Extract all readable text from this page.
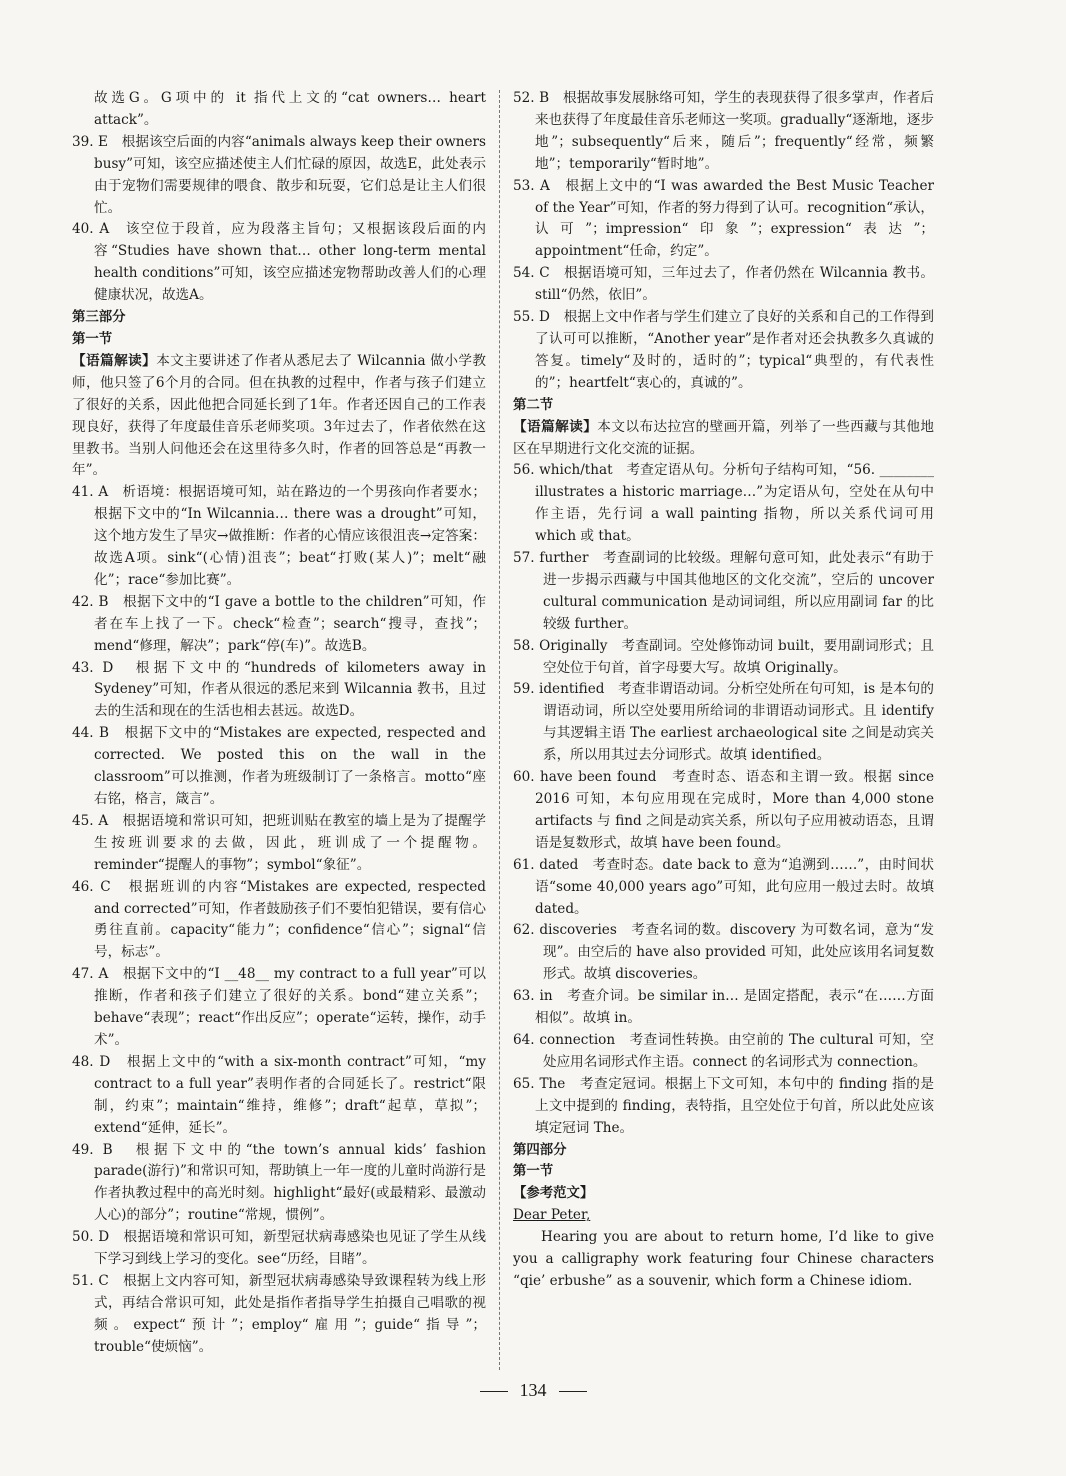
故选G。G项中的 it 指代上文的“cat owners… heart attack”。

39. E　根据该空后面的内容“animals always keep their owners busy”可知，该空应描述使主人们忙碌的原因，故选E，此处表示由于宠物们需要规律的喂食、散步和玩耍，它们总是让主人们很忙。

40. A　该空位于段首，应为段落主旨句；又根据该段后面的内容“Studies have shown that… other long-term mental health conditions”可知，该空应描述宠物帮助改善人们的心理健康状况，故选A。

第三部分

第一节

【语篇解读】本文主要讲述了作者从悉尼去了 Wilcannia 做小学教师，他只签了6个月的合同。但在执教的过程中，作者与孩子们建立了很好的关系，因此他把合同延长到了1年。作者还因自己的工作表现良好，获得了年度最佳音乐老师奖项。3年过去了，作者依然在这里教书。当别人问他还会在这里待多久时，作者的回答总是“再教一年”。

41. A　析语境：根据语境可知，站在路边的一个男孩向作者要水；根据下文中的“In Wilcannia… there was a drought”可知，这个地方发生了旱灾→做推断：作者的心情应该很沮丧→定答案：故选A项。sink“(心情)沮丧”；beat“打败(某人)”；melt“融化”；race“参加比赛”。

42. B　根据下文中的“I gave a bottle to the children”可知，作者在车上找了一下。check“检查”；search“搜寻，查找”；mend“修理，解决”；park“停(车)”。故选B。

43. D　根据下文中的“hundreds of kilometers away in Sydeney”可知，作者从很远的悉尼来到 Wilcannia 教书，且过去的生活和现在的生活也相去甚远。故选D。

44. B　根据下文中的“Mistakes are expected, respected and corrected. We posted this on the wall in the classroom”可以推测，作者为班级制订了一条格言。motto“座右铭，格言，箴言”。

45. A　根据语境和常识可知，把班训贴在教室的墙上是为了提醒学生按班训要求的去做，因此，班训成了一个提醒物。reminder“提醒人的事物”；symbol“象征”。

46. C　根据班训的内容“Mistakes are expected, respected and corrected”可知，作者鼓励孩子们不要怕犯错误，要有信心勇往直前。capacity“能力”；confidence“信心”；signal“信号，标志”。

47. A　根据下文中的“I __48__ my contract to a full year”可以推断，作者和孩子们建立了很好的关系。bond“建立关系”；behave“表现”；react“作出反应”；operate“运转，操作，动手术”。

48. D　根据上文中的“with a six-month contract”可知，“my contract to a full year”表明作者的合同延长了。restrict“限制，约束”；maintain“维持，维修”；draft“起草，草拟”；extend“延伸，延长”。

49. B　根据下文中的“the town’s annual kids’ fashion parade(游行)”和常识可知，帮助镇上一年一度的儿童时尚游行是作者执教过程中的高光时刻。highlight“最好(或最精彩、最激动人心)的部分”；routine“常规，惯例”。

50. D　根据语境和常识可知，新型冠状病毒感染也见证了学生从线下学习到线上学习的变化。see“历经，目睹”。

51. C　根据上文内容可知，新型冠状病毒感染导致课程转为线上形式，再结合常识可知，此处是指作者指导学生拍摄自己唱歌的视频。expect“预计”；employ“雇用”；guide“指导”；trouble“使烦恼”。

52. B　根据故事发展脉络可知，学生的表现获得了很多掌声，作者后来也获得了年度最佳音乐老师这一奖项。gradually“逐渐地，逐步地”；subsequently“后来，随后”；frequently“经常，频繁地”；temporarily“暂时地”。

53. A　根据上文中的“I was awarded the Best Music Teacher of the Year”可知，作者的努力得到了认可。recognition“承认，认可”；impression“印象”；expression“表达”；appointment“任命，约定”。

54. C　根据语境可知，三年过去了，作者仍然在 Wilcannia 教书。still“仍然，依旧”。

55. D　根据上文中作者与学生们建立了良好的关系和自己的工作得到了认可可以推断，“Another year”是作者对还会执教多久真诚的答复。timely“及时的，适时的”；typical“典型的，有代表性的”；heartfelt“衷心的，真诚的”。

第二节

【语篇解读】本文以布达拉宫的壁画开篇，列举了一些西藏与其他地区在早期进行文化交流的证据。

56. which/that　考查定语从句。分析句子结构可知，“56. ________ illustrates a historic marriage…”为定语从句，空处在从句中作主语，先行词 a wall painting 指物，所以关系代词可用 which 或 that。

57. further　考查副词的比较级。理解句意可知，此处表示“有助于进一步揭示西藏与中国其他地区的文化交流”，空后的 uncover cultural communication 是动词词组，所以应用副词 far 的比较级 further。

58. Originally　考查副词。空处修饰动词 built，要用副词形式；且空处位于句首，首字母要大写。故填 Originally。

59. identified　考查非谓语动词。分析空处所在句可知，is 是本句的谓语动词，所以空处要用所给词的非谓语动词形式。且 identify 与其逻辑主语 The earliest archaeological site 之间是动宾关系，所以用其过去分词形式。故填 identified。

60. have been found　考查时态、语态和主谓一致。根据 since 2016 可知，本句应用现在完成时，More than 4,000 stone artifacts 与 find 之间是动宾关系，所以句子应用被动语态，且谓语是复数形式，故填 have been found。

61. dated　考查时态。date back to 意为“追溯到……”，由时间状语“some 40,000 years ago”可知，此句应用一般过去时。故填 dated。

62. discoveries　考查名词的数。discovery 为可数名词，意为“发现”。由空后的 have also provided 可知，此处应该用名词复数形式。故填 discoveries。

63. in　考查介词。be similar in… 是固定搭配，表示“在……方面相似”。故填 in。

64. connection　考查词性转换。由空前的 The cultural 可知，空处应用名词形式作主语。connect 的名词形式为 connection。

65. The　考查定冠词。根据上下文可知，本句中的 finding 指的是上文中提到的 finding，表特指，且空处位于句首，所以此处应该填定冠词 The。

第四部分

第一节

【参考范文】

Dear Peter,

Hearing you are about to return home, I’d like to give you a calligraphy work featuring four Chinese characters “qie’ erbushe” as a souvenir, which form a Chinese idiom.

134
